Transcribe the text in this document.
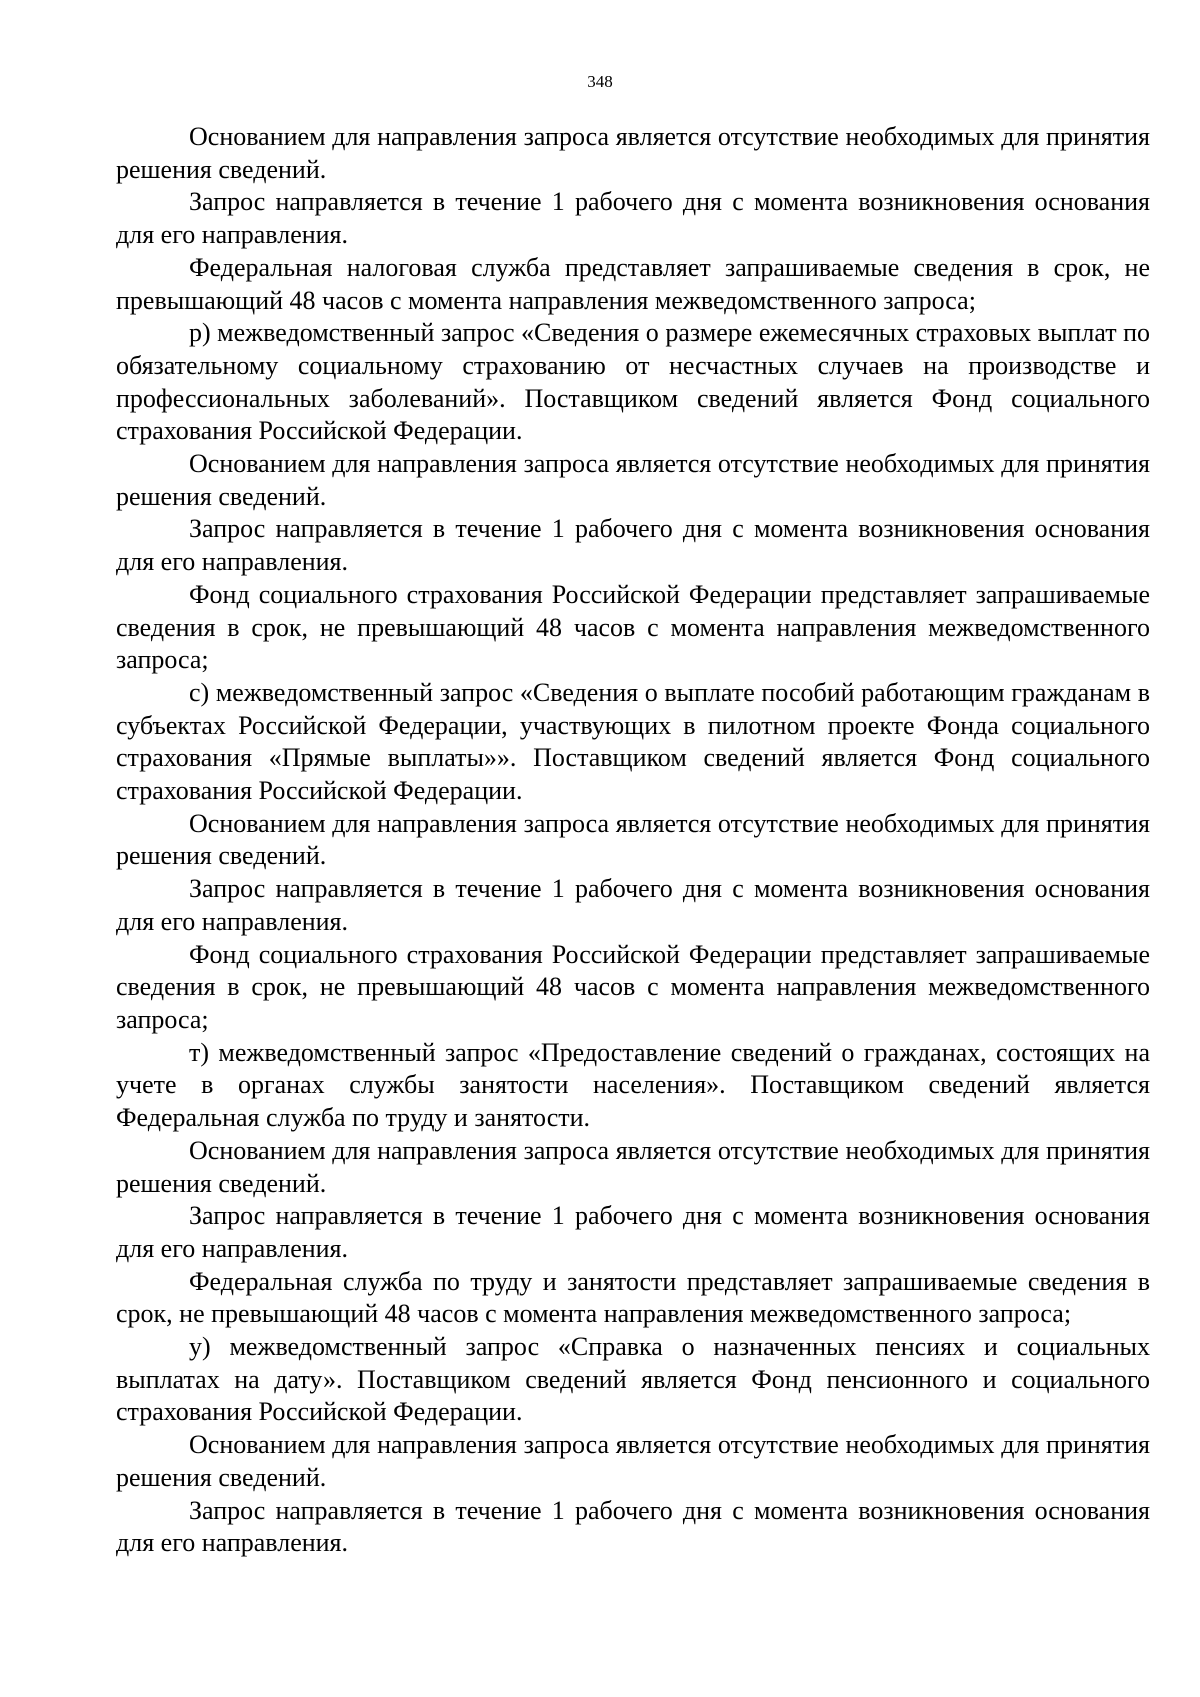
348

Основанием для направления запроса является отсутствие необходимых для принятия решения сведений.

Запрос направляется в течение 1 рабочего дня с момента возникновения основания для его направления.

Федеральная налоговая служба представляет запрашиваемые сведения в срок, не превышающий 48 часов с момента направления межведомственного запроса;

р) межведомственный запрос «Сведения о размере ежемесячных страховых выплат по обязательному социальному страхованию от несчастных случаев на производстве и профессиональных заболеваний». Поставщиком сведений является Фонд социального страхования Российской Федерации.

Основанием для направления запроса является отсутствие необходимых для принятия решения сведений.

Запрос направляется в течение 1 рабочего дня с момента возникновения основания для его направления.

Фонд социального страхования Российской Федерации представляет запрашиваемые сведения в срок, не превышающий 48 часов с момента направления межведомственного запроса;

с) межведомственный запрос «Сведения о выплате пособий работающим гражданам в субъектах Российской Федерации, участвующих в пилотном проекте Фонда социального страхования «Прямые выплаты»». Поставщиком сведений является Фонд социального страхования Российской Федерации.

Основанием для направления запроса является отсутствие необходимых для принятия решения сведений.

Запрос направляется в течение 1 рабочего дня с момента возникновения основания для его направления.

Фонд социального страхования Российской Федерации представляет запрашиваемые сведения в срок, не превышающий 48 часов с момента направления межведомственного запроса;

т) межведомственный запрос «Предоставление сведений о гражданах, состоящих на учете в органах службы занятости населения». Поставщиком сведений является Федеральная служба по труду и занятости.

Основанием для направления запроса является отсутствие необходимых для принятия решения сведений.

Запрос направляется в течение 1 рабочего дня с момента возникновения основания для его направления.

Федеральная служба по труду и занятости представляет запрашиваемые сведения в срок, не превышающий 48 часов с момента направления межведомственного запроса;

у) межведомственный запрос «Справка о назначенных пенсиях и социальных выплатах на дату». Поставщиком сведений является Фонд пенсионного и социального страхования Российской Федерации.

Основанием для направления запроса является отсутствие необходимых для принятия решения сведений.

Запрос направляется в течение 1 рабочего дня с момента возникновения основания для его направления.
